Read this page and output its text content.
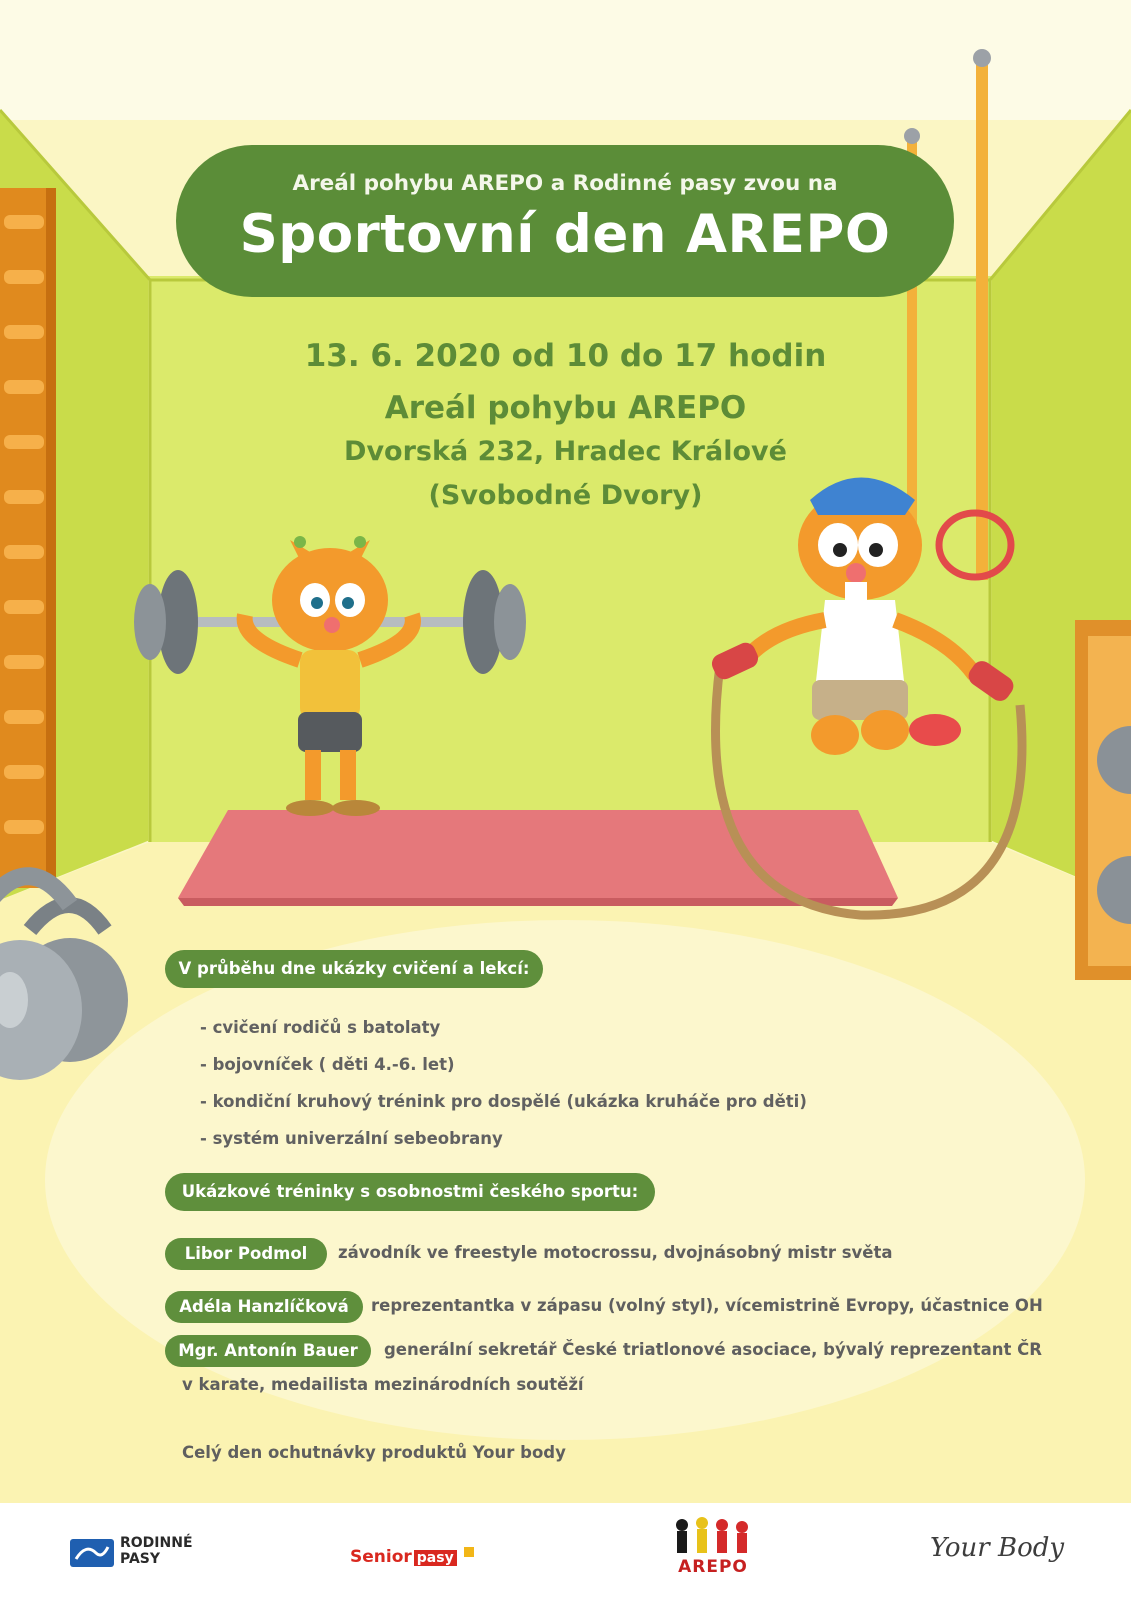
Areál pohybu AREPO a Rodinné pasy zvou na
Sportovní den AREPO
13. 6. 2020 od 10 do 17 hodin
Areál pohybu AREPO
Dvorská 232, Hradec Králové
(Svobodné Dvory)
V průběhu dne ukázky cvičení a lekcí:
- cvičení rodičů s batolaty
- bojovníček ( děti 4.-6. let)
- kondiční kruhový trénink pro dospělé (ukázka kruháče pro děti)
- systém univerzální sebeobrany
Ukázkové tréninky s osobnostmi českého sportu:
Libor Podmol	závodník ve freestyle motocrossu, dvojnásobný mistr světa
Adéla Hanzlíčková	reprezentantka v zápasu (volný styl), vícemistrině Evropy, účastnice OH
Mgr. Antonín Bauer	generální sekretář České triatlonové asociace, bývalý reprezentant ČR
v karate, medailista mezinárodních soutěží
Celý den ochutnávky produktů Your body
RODINNÉ
PASY	Senior pasy	AREPO
Your Body
